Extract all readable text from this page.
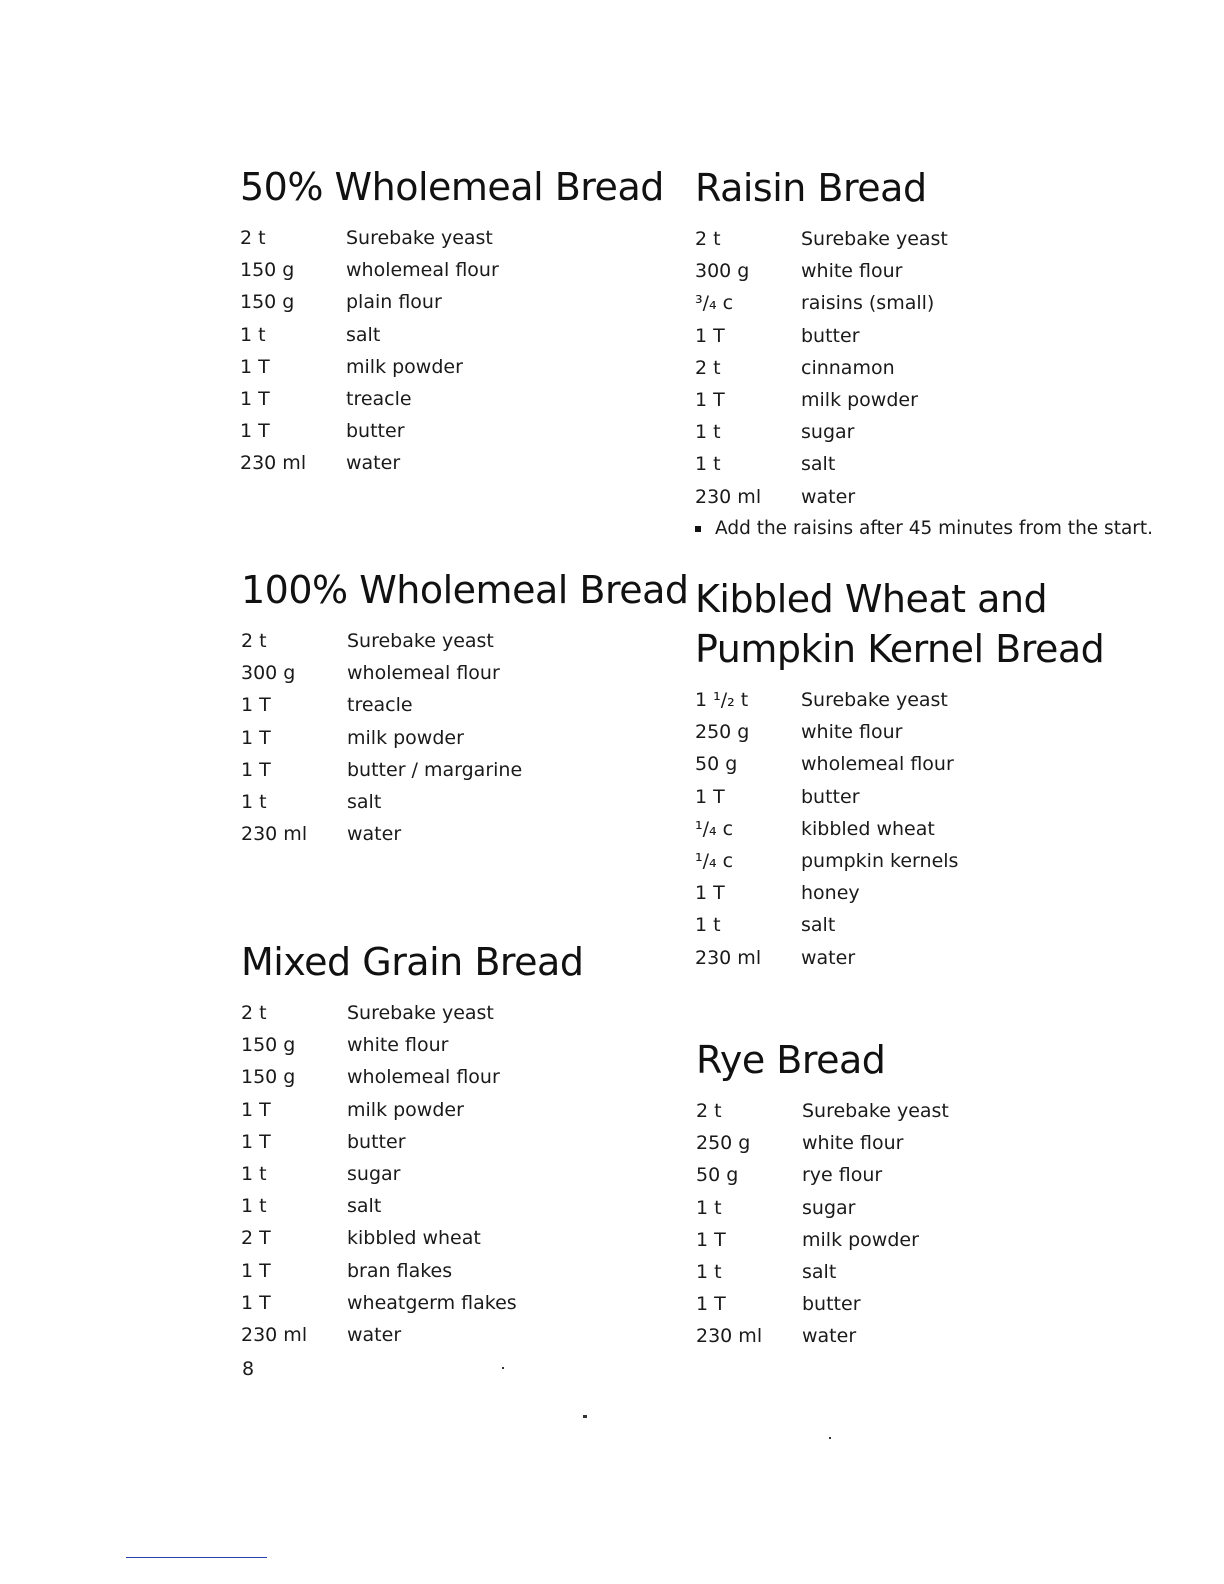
50% Wholemeal Bread
2 t	Surebake yeast
150 g	wholemeal flour
150 g	plain flour
1 t	salt
1 T	milk powder
1 T	treacle
1 T	butter
230 ml	water
100% Wholemeal Bread
2 t	Surebake yeast
300 g	wholemeal flour
1 T	treacle
1 T	milk powder
1 T	butter / margarine
1 t	salt
230 ml	water
Mixed Grain Bread
2 t	Surebake yeast
150 g	white flour
150 g	wholemeal flour
1 T	milk powder
1 T	butter
1 t	sugar
1 t	salt
2 T	kibbled wheat
1 T	bran flakes
1 T	wheatgerm flakes
230 ml	water
Raisin Bread
2 t	Surebake yeast
300 g	white flour
³/₄ c	raisins (small)
1 T	butter
2 t	cinnamon
1 T	milk powder
1 t	sugar
1 t	salt
230 ml	water
Add the raisins after 45 minutes from the start.
Kibbled Wheat and
Pumpkin Kernel Bread
1 ¹/₂ t	Surebake yeast
250 g	white flour
50 g	wholemeal flour
1 T	butter
¹/₄ c	kibbled wheat
¹/₄ c	pumpkin kernels
1 T	honey
1 t	salt
230 ml	water
Rye Bread
2 t	Surebake yeast
250 g	white flour
50 g	rye flour
1 t	sugar
1 T	milk powder
1 t	salt
1 T	butter
230 ml	water
8
